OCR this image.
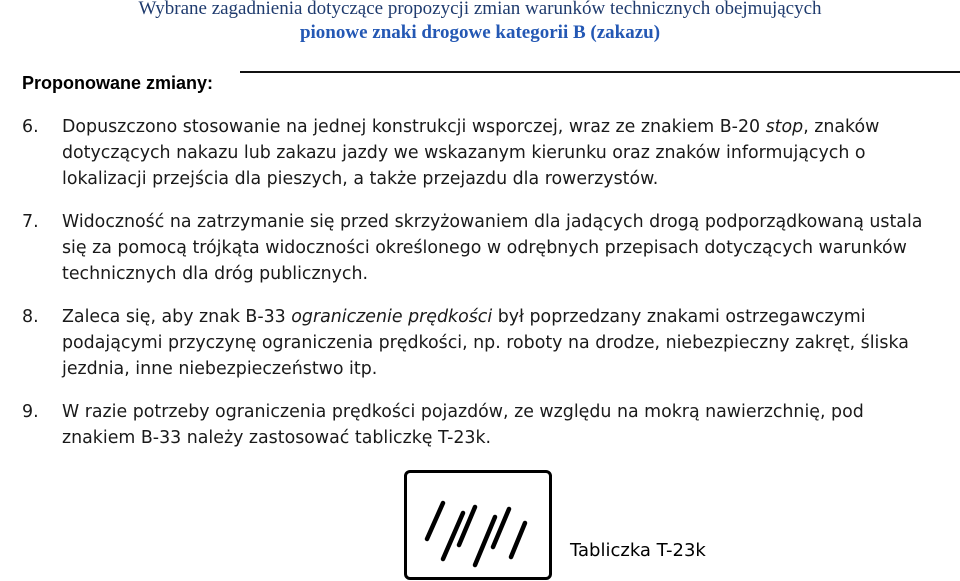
Wybrane zagadnienia dotyczące propozycji zmian warunków technicznych obejmujących
pionowe znaki drogowe kategorii B (zakazu)
Proponowane zmiany:
6. Dopuszczono stosowanie na jednej konstrukcji wsporczej, wraz ze znakiem B-20 stop, znaków dotyczących nakazu lub zakazu jazdy we wskazanym kierunku oraz znaków informujących o lokalizacji przejścia dla pieszych, a także przejazdu dla rowerzystów.
7. Widoczność na zatrzymanie się przed skrzyżowaniem dla jadących drogą podporządkowaną ustala się za pomocą trójkąta widoczności określonego w odrębnych przepisach dotyczących warunków technicznych dla dróg publicznych.
8. Zaleca się, aby znak B-33 ograniczenie prędkości był poprzedzany znakami ostrzegawczymi podającymi przyczynę ograniczenia prędkości, np. roboty na drodze, niebezpieczny zakręt, śliska jezdnia, inne niebezpieczeństwo itp.
9. W razie potrzeby ograniczenia prędkości pojazdów, ze względu na mokrą nawierzchnię, pod znakiem B-33 należy zastosować tabliczkę T-23k.
Tabliczka T-23k
